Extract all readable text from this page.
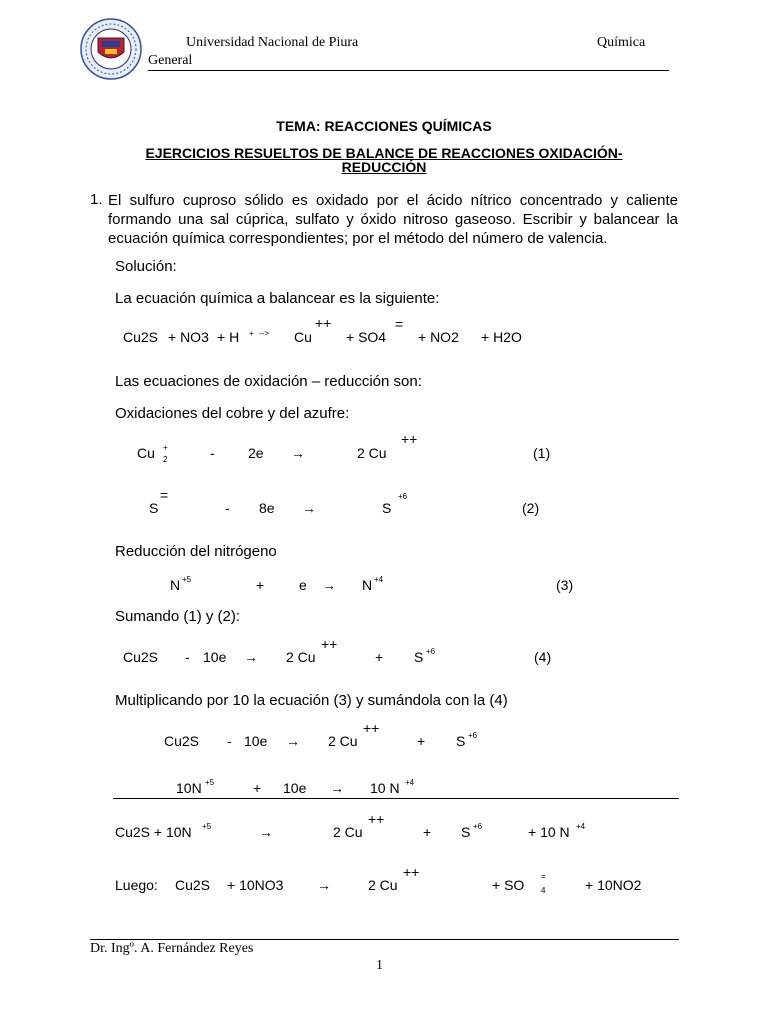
Universidad Nacional de Piura	Química
General
TEMA: REACCIONES QUÍMICAS
EJERCICIOS RESUELTOS DE BALANCE DE REACCIONES OXIDACIÓN-
REDUCCIÓN
1. El sulfuro cuproso sólido es oxidado por el ácido nítrico concentrado y caliente formando una sal cúprica, sulfato y óxido nitroso gaseoso. Escribir y balancear la ecuación química correspondientes; por el método del número de valencia.
Solución:
La ecuación química a balancear es la siguiente:
Cu2S + NO3 + H + --> Cu
++
+ SO4
=
+ NO2 + H2O
Las ecuaciones de oxidación – reducción son:
Oxidaciones del cobre y del azufre:
Cu +
2	- 2e →	2 Cu
++
(1)
S
=
- 8e →	S
+6
(2)
Reducción del nitrógeno
N +5	+ e → N +4	(3)
Sumando (1) y (2):
Cu2S - 10e → 2 Cu
++
+ S +6	(4)
Multiplicando por 10 la ecuación (3) y sumándola con la (4)
Cu2S - 10e → 2 Cu
++
+ S +6
10N +5	+ 10e → 10 N +4
Cu2S + 10N +5	→	2 Cu
++
+ S +6	+ 10 N +4
Luego: Cu2S + 10NO3 →	2 Cu
++
+ SO
=
4	+ 10NO2
Dr. Ingº. A. Fernández Reyes
1
